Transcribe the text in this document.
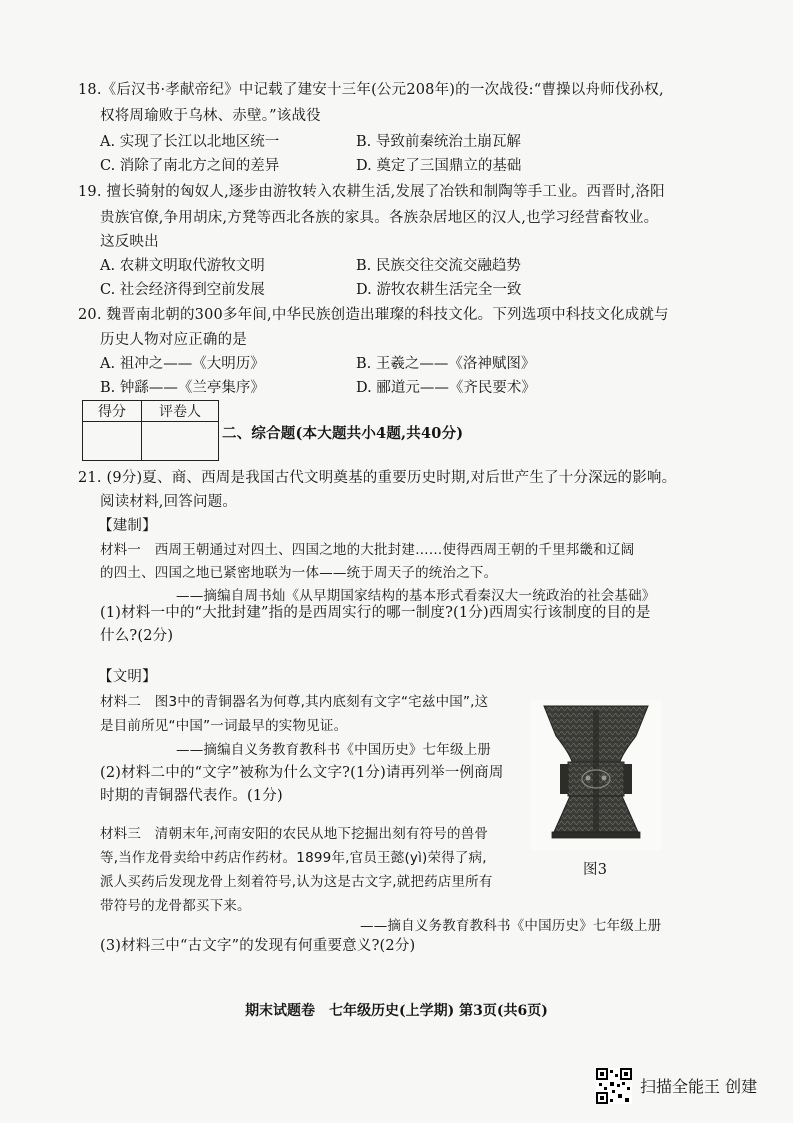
18.《后汉书·孝献帝纪》中记载了建安十三年(公元208年)的一次战役:“曹操以舟师伐孙权,
权将周瑜败于乌林、赤壁。”该战役
A. 实现了长江以北地区统一	B. 导致前秦统治土崩瓦解
C. 消除了南北方之间的差异	D. 奠定了三国鼎立的基础
19. 擅长骑射的匈奴人,逐步由游牧转入农耕生活,发展了冶铁和制陶等手工业。西晋时,洛阳
贵族官僚,争用胡床,方凳等西北各族的家具。各族杂居地区的汉人,也学习经营畜牧业。
这反映出
A. 农耕文明取代游牧文明	B. 民族交往交流交融趋势
C. 社会经济得到空前发展	D. 游牧农耕生活完全一致
20. 魏晋南北朝的300多年间,中华民族创造出璀璨的科技文化。下列选项中科技文化成就与
历史人物对应正确的是
A. 祖冲之——《大明历》	B. 王羲之——《洛神赋图》
B. 钟繇——《兰亭集序》	D. 郦道元——《齐民要术》
得分	评卷人

二、综合题(本大题共小4题,共40分)
21. (9分)夏、商、西周是我国古代文明奠基的重要历史时期,对后世产生了十分深远的影响。
阅读材料,回答问题。
【建制】
材料一　西周王朝通过对四土、四国之地的大批封建……使得西周王朝的千里邦畿和辽阔
的四土、四国之地已紧密地联为一体——统于周天子的统治之下。
——摘编自周书灿《从早期国家结构的基本形式看秦汉大一统政治的社会基础》
(1)材料一中的“大批封建”指的是西周实行的哪一制度?(1分)西周实行该制度的目的是
什么?(2分)
【文明】
材料二　图3中的青铜器名为何尊,其内底刻有文字“宅兹中国”,这
是目前所见“中国”一词最早的实物见证。
——摘编自义务教育教科书《中国历史》七年级上册
(2)材料二中的“文字”被称为什么文字?(1分)请再列举一例商周
时期的青铜器代表作。(1分)
材料三　清朝末年,河南安阳的农民从地下挖掘出刻有符号的兽骨
等,当作龙骨卖给中药店作药材。1899年,官员王懿(yì)荣得了病,
派人买药后发现龙骨上刻着符号,认为这是古文字,就把药店里所有
带符号的龙骨都买下来。
——摘自义务教育教科书《中国历史》七年级上册
(3)材料三中“古文字”的发现有何重要意义?(2分)
图3
期末试题卷　七年级历史(上学期) 第3页(共6页)
扫描全能王 创建
